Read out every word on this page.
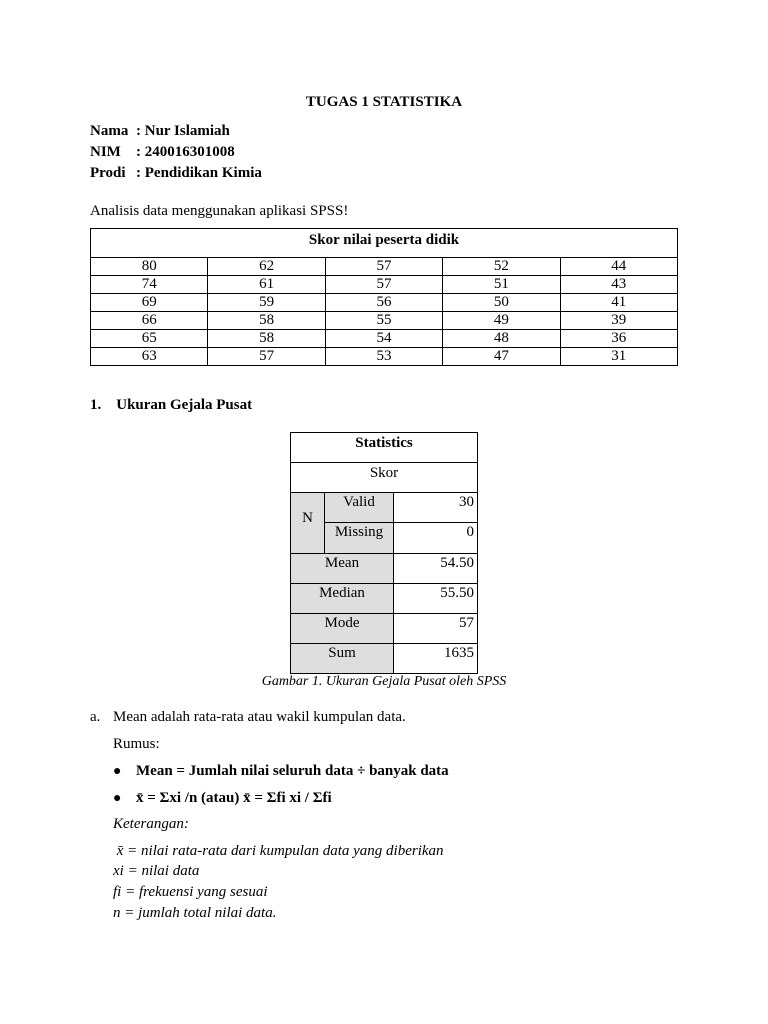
TUGAS 1 STATISTIKA
Nama : Nur Islamiah
NIM : 240016301008
Prodi : Pendidikan Kimia
Analisis data menggunakan aplikasi SPSS!
Skor nilai peserta didik				
80	62	57	52	44
74	61	57	51	43
69	59	56	50	41
66	58	55	49	39
65	58	54	48	36
63	57	53	47	31
1. Ukuran Gejala Pusat
Statistics
Skor
N
Valid	30
Missing	0
Mean	54.50
Median	55.50
Mode	57
Sum	1635
Gambar 1. Ukuran Gejala Pusat oleh SPSS
a. Mean adalah rata-rata atau wakil kumpulan data.
Rumus:
● Mean = Jumlah nilai seluruh data ÷ banyak data
● x̄ = Σxi /n (atau) x̄ = Σfi xi / Σfi
Keterangan:
x̄ = nilai rata-rata dari kumpulan data yang diberikan
xi = nilai data
fi = frekuensi yang sesuai
n = jumlah total nilai data.
